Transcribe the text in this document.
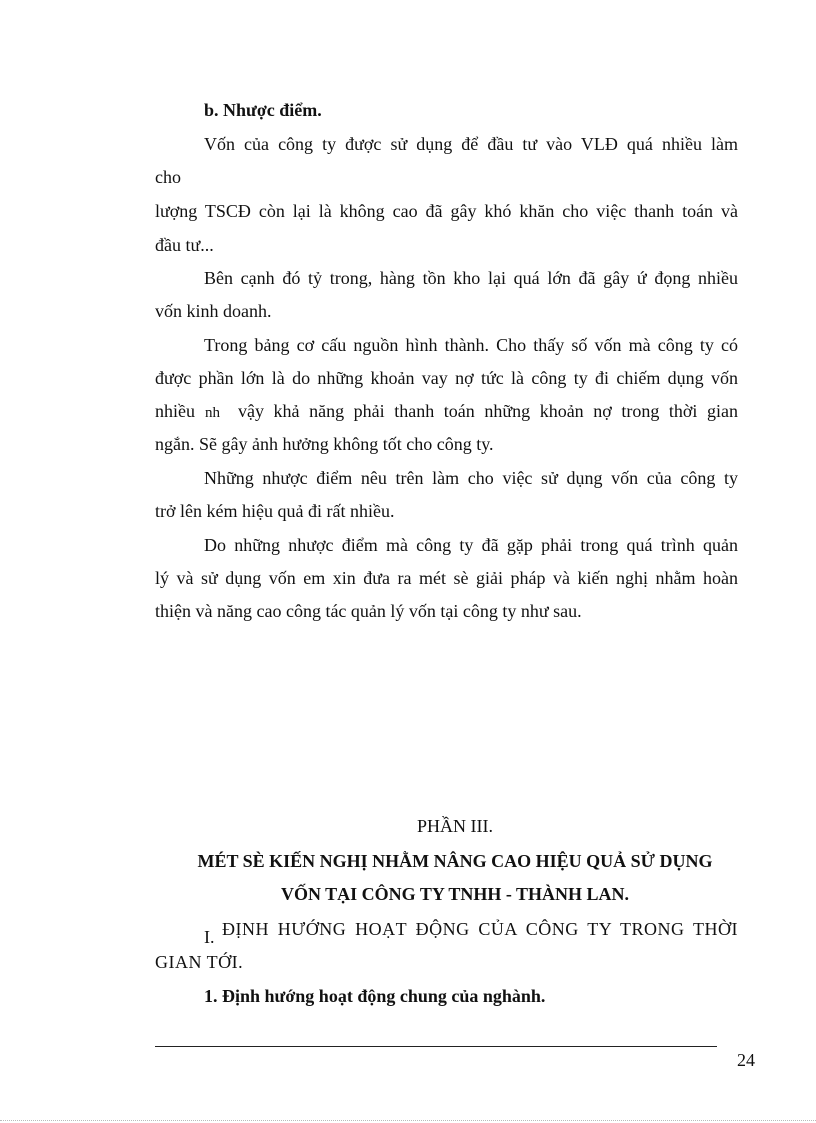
b. Nhược điểm.
Vốn của công ty được sử dụng để đầu tư vào VLĐ quá nhiều làm
cho
lượng TSCĐ còn lại là không cao đã gây khó khăn cho việc thanh toán và
đầu tư...
Bên cạnh đó tỷ trong, hàng tồn kho lại quá lớn đã gây ứ đọng nhiều
vốn kinh doanh.
Trong bảng cơ cấu nguồn hình thành. Cho thấy số vốn mà công ty có
được phần lớn là do những khoản vay nợ tức là công ty đi chiếm dụng vốn
nhiều nh vậy khả năng phải thanh toán những khoản nợ trong thời gian
ngắn. Sẽ gây ảnh hưởng không tốt cho công ty.
Những nhược điểm nêu trên làm cho việc sử dụng vốn của công ty
trở lên kém hiệu quả đi rất nhiều.
Do những nhược điểm mà công ty đã gặp phải trong quá trình quản
lý và sử dụng vốn em xin đưa ra mét sè giải pháp và kiến nghị nhằm hoàn
thiện và năng cao công tác quản lý vốn tại công ty như sau.
PHẦN III.
MÉT SÈ KIẾN NGHỊ NHẰM NÂNG CAO HIỆU QUẢ SỬ DỤNG
VỐN TẠI CÔNG TY TNHH - THÀNH LAN.
I. ĐỊNH HƯỚNG HOẠT ĐỘNG CỦA CÔNG TY TRONG THỜI
GIAN TỚI.
1. Định hướng hoạt động chung của nghành.
24
